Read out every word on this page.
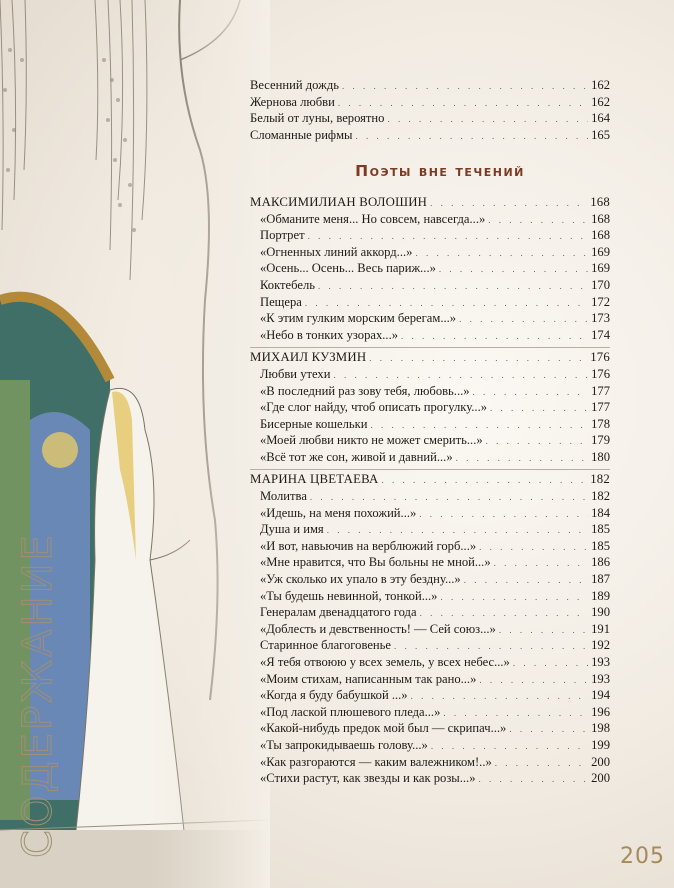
СОДЕРЖАНИЕ
Весенний дождь . . .	162
Жернова любви . . .	162
Белый от луны, вероятно . . .	164
Сломанные рифмы . . .	165
Поэты вне течений
МАКСИМИЛИАН ВОЛОШИН . . .	168
«Обманите меня... Но совсем, навсегда...» . . .	168
Портрет . . .	168
«Огненных линий аккорд...» . . .	169
«Осень... Осень... Весь париж...» . . .	169
Коктебель . . .	170
Пещера . . .	172
«К этим гулким морским берегам...» . . .	173
«Небо в тонких узорах...» . . .	174
МИХАИЛ КУЗМИН . . .	176
Любви утехи . . .	176
«В последний раз зову тебя, любовь...» . . .	177
«Где слог найду, чтоб описать прогулку...» . . .	177
Бисерные кошельки . . .	178
«Моей любви никто не может смерить...» . . .	179
«Всё тот же сон, живой и давний...» . . .	180
МАРИНА ЦВЕТАЕВА . . .	182
Молитва . . .	182
«Идешь, на меня похожий...» . . .	184
Душа и имя . . .	185
«И вот, навьючив на верблюжий горб...» . . .	185
«Мне нравится, что Вы больны не мной...» . . .	186
«Уж сколько их упало в эту бездну...» . . .	187
«Ты будешь невинной, тонкой...» . . .	189
Генералам двенадцатого года . . .	190
«Доблесть и девственность! — Сей союз...» . . .	191
Старинное благоговенье . . .	192
«Я тебя отвоюю у всех земель, у всех небес...» . . .	193
«Моим стихам, написанным так рано...» . . .	193
«Когда я буду бабушкой ...» . . .	194
«Под лаской плюшевого пледа...» . . .	196
«Какой-нибудь предок мой был — скрипач...» . . .	198
«Ты запрокидываешь голову...» . . .	199
«Как разгораются — каким валежником!..» . . .	200
«Стихи растут, как звезды и как розы...» . . .	200
205
